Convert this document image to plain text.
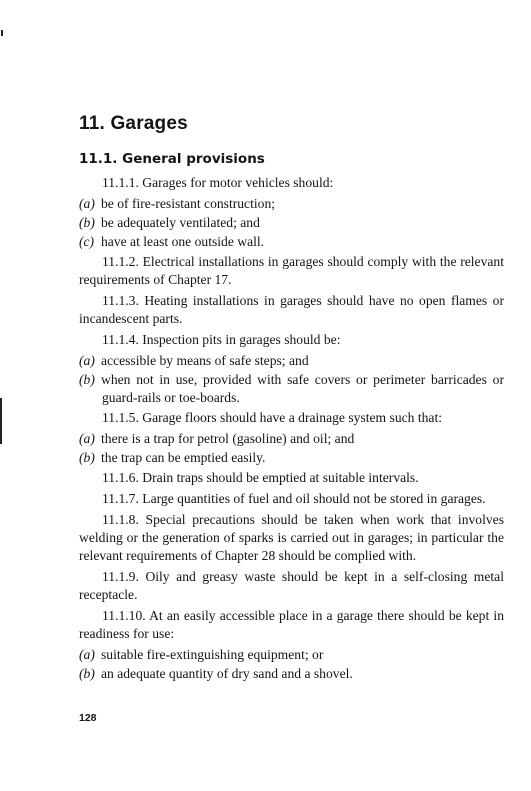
11. Garages
11.1. General provisions

11.1.1. Garages for motor vehicles should:

(a) be of fire-resistant construction;
(b) be adequately ventilated; and
(c) have at least one outside wall.

11.1.2. Electrical installations in garages should comply with the relevant requirements of Chapter 17.

11.1.3. Heating installations in garages should have no open flames or incandescent parts.

11.1.4. Inspection pits in garages should be:

(a) accessible by means of safe steps; and
(b) when not in use, provided with safe covers or perimeter barricades or guard-rails or toe-boards.

11.1.5. Garage floors should have a drainage system such that:

(a) there is a trap for petrol (gasoline) and oil; and
(b) the trap can be emptied easily.

11.1.6. Drain traps should be emptied at suitable intervals.

11.1.7. Large quantities of fuel and oil should not be stored in garages.

11.1.8. Special precautions should be taken when work that involves welding or the generation of sparks is carried out in garages; in particular the relevant requirements of Chapter 28 should be complied with.

11.1.9. Oily and greasy waste should be kept in a self-closing metal receptacle.

11.1.10. At an easily accessible place in a garage there should be kept in readiness for use:

(a) suitable fire-extinguishing equipment; or
(b) an adequate quantity of dry sand and a shovel.
128
